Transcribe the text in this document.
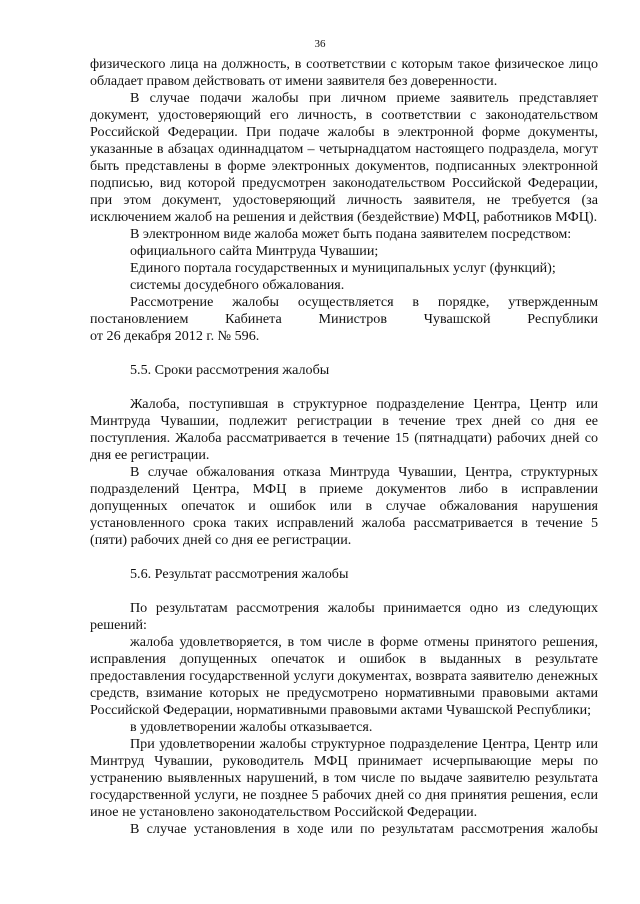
36
физического лица на должность, в соответствии с которым такое физическое лицо обладает правом действовать от имени заявителя без доверенности.
В случае подачи жалобы при личном приеме заявитель представляет документ, удостоверяющий его личность, в соответствии с законодательством Российской Федерации. При подаче жалобы в электронной форме документы, указанные в абзацах одиннадцатом – четырнадцатом настоящего подраздела, могут быть представлены в форме электронных документов, подписанных электронной подписью, вид которой предусмотрен законодательством Российской Федерации, при этом документ, удостоверяющий личность заявителя, не требуется (за исключением жалоб на решения и действия (бездействие) МФЦ, работников МФЦ).
В электронном виде жалоба может быть подана заявителем посредством:
официального сайта Минтруда Чувашии;
Единого портала государственных и муниципальных услуг (функций);
системы досудебного обжалования.
Рассмотрение жалобы осуществляется в порядке, утвержденным
постановлением	Кабинета	Министров	Чувашской	Республики
от 26 декабря 2012 г. № 596.
5.5. Сроки рассмотрения жалобы
Жалоба, поступившая в структурное подразделение Центра, Центр или Минтруда Чувашии, подлежит регистрации в течение трех дней со дня ее поступления. Жалоба рассматривается в течение 15 (пятнадцати) рабочих дней со дня ее регистрации.
В случае обжалования отказа Минтруда Чувашии, Центра, структурных подразделений Центра, МФЦ в приеме документов либо в исправлении допущенных опечаток и ошибок или в случае обжалования нарушения установленного срока таких исправлений жалоба рассматривается в течение 5 (пяти) рабочих дней со дня ее регистрации.
5.6. Результат рассмотрения жалобы
По результатам рассмотрения жалобы принимается одно из следующих решений:
жалоба удовлетворяется, в том числе в форме отмены принятого решения, исправления допущенных опечаток и ошибок в выданных в результате предоставления государственной услуги документах, возврата заявителю денежных средств, взимание которых не предусмотрено нормативными правовыми актами Российской Федерации, нормативными правовыми актами Чувашской Республики;
в удовлетворении жалобы отказывается.
При удовлетворении жалобы структурное подразделение Центра, Центр или Минтруд Чувашии, руководитель МФЦ принимает исчерпывающие меры по устранению выявленных нарушений, в том числе по выдаче заявителю результата государственной услуги, не позднее 5 рабочих дней со дня принятия решения, если иное не установлено законодательством Российской Федерации.
В случае установления в ходе или по результатам рассмотрения жалобы
